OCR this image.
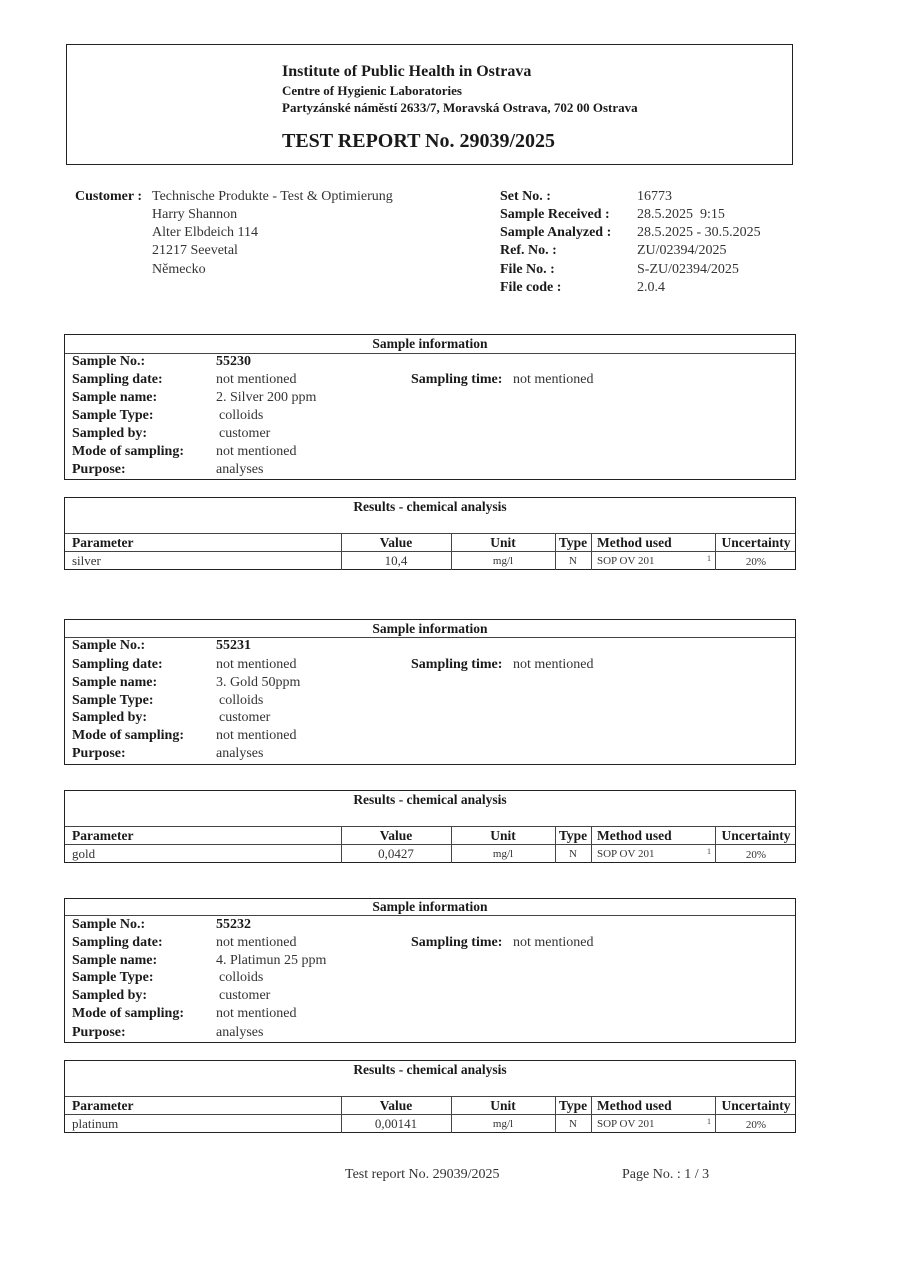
Institute of Public Health in Ostrava
Centre of Hygienic Laboratories
Partyzánské náměstí 2633/7, Moravská Ostrava, 702 00 Ostrava
TEST REPORT No. 29039/2025
Customer : Technische Produkte - Test & Optimierung
Harry Shannon
Alter Elbdeich 114
21217 Seevetal
Německo
Set No. :	16773
Sample Received : 28.5.2025  9:15
Sample Analyzed : 28.5.2025 - 30.5.2025
Ref. No. :	ZU/02394/2025
File No. :	S-ZU/02394/2025
File code :	2.0.4
Sample information
Sample No.:	55230
Sampling date:	not mentioned	Sampling time: not mentioned
Sample name:	2. Silver 200 ppm
Sample Type:	colloids
Sampled by:	customer
Mode of sampling: not mentioned
Purpose:	analyses
Results - chemical analysis
Parameter	Value	Unit	Type Method used	Uncertainty
silver	10,4	mg/l	N	SOP OV 201	1	20%
Sample information
Sample No.:	55231
Sampling date:	not mentioned	Sampling time: not mentioned
Sample name:	3. Gold 50ppm
Sample Type:	colloids
Sampled by:	customer
Mode of sampling: not mentioned
Purpose:	analyses
Results - chemical analysis
Parameter	Value	Unit	Type Method used	Uncertainty
gold	0,0427	mg/l	N	SOP OV 201	1	20%
Sample information
Sample No.:	55232
Sampling date:	not mentioned	Sampling time: not mentioned
Sample name:	4. Platimun 25 ppm
Sample Type:	colloids
Sampled by:	customer
Mode of sampling: not mentioned
Purpose:	analyses
Results - chemical analysis
Parameter	Value	Unit	Type Method used	Uncertainty
platinum	0,00141	mg/l	N	SOP OV 201	1	20%
Test report No. 29039/2025	Page No. : 1 / 3
